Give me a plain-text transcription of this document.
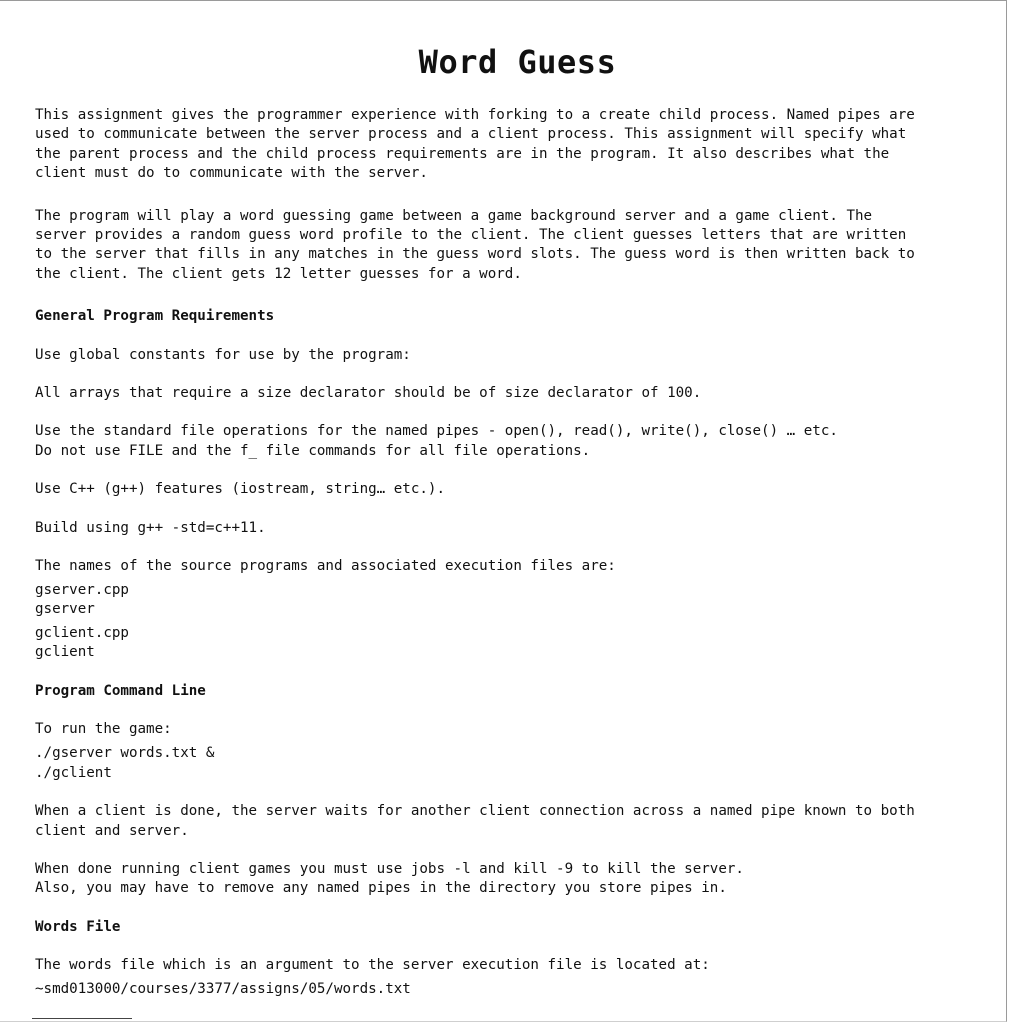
Word Guess
This assignment gives the programmer experience with forking to a create child process. Named pipes are
used to communicate between the server process and a client process. This assignment will specify what
the parent process and the child process requirements are in the program. It also describes what the
client must do to communicate with the server.
The program will play a word guessing game between a game background server and a game client. The
server provides a random guess word profile to the client. The client guesses letters that are written
to the server that fills in any matches in the guess word slots. The guess word is then written back to
the client. The client gets 12 letter guesses for a word.

General Program Requirements

Use global constants for use by the program:

All arrays that require a size declarator should be of size declarator of 100.

Use the standard file operations for the named pipes - open(), read(), write(), close() … etc.
Do not use FILE and the f_ file commands for all file operations.

Use C++ (g++) features (iostream, string… etc.).

Build using g++ -std=c++11.

The names of the source programs and associated execution files are:
gserver.cpp
gserver
gclient.cpp
gclient

Program Command Line

To run the game:
./gserver words.txt &
./gclient
When a client is done, the server waits for another client connection across a named pipe known to both
client and server.
When done running client games you must use jobs -l and kill -9 to kill the server.
Also, you may have to remove any named pipes in the directory you store pipes in.

Words File

The words file which is an argument to the server execution file is located at:
~smd013000/courses/3377/assigns/05/words.txt
